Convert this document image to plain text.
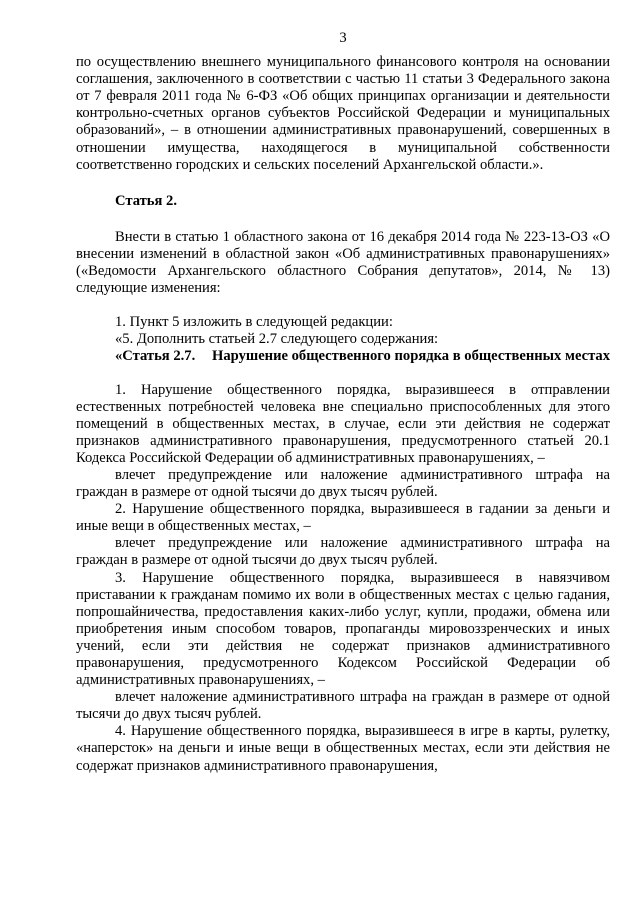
3

по осуществлению внешнего муниципального финансового контроля на основании соглашения, заключенного в соответствии с частью 11 статьи 3 Федерального закона от 7 февраля 2011 года № 6-ФЗ «Об общих принципах организации и деятельности контрольно-счетных органов субъектов Российской Федерации и муниципальных образований», – в отношении административных правонарушений, совершенных в отношении имущества, находящегося в муниципальной собственности соответственно городских и сельских поселений Архангельской области.».

Статья 2.

Внести в статью 1 областного закона от 16 декабря 2014 года № 223-13-ОЗ «О внесении изменений в областной закон «Об административных правонарушениях» («Ведомости Архангельского областного Собрания депутатов», 2014, № 13) следующие изменения:

1. Пункт 5 изложить в следующей редакции:

«5. Дополнить статьей 2.7 следующего содержания:

«Статья 2.7.	Нарушение общественного порядка в общественных местах

1. Нарушение общественного порядка, выразившееся в отправлении естественных потребностей человека вне специально приспособленных для этого помещений в общественных местах, в случае, если эти действия не содержат признаков административного правонарушения, предусмотренного статьей 20.1 Кодекса Российской Федерации об административных правонарушениях, –

влечет предупреждение или наложение административного штрафа на граждан в размере от одной тысячи до двух тысяч рублей.

2. Нарушение общественного порядка, выразившееся в гадании за деньги и иные вещи в общественных местах, –

влечет предупреждение или наложение административного штрафа на граждан в размере от одной тысячи до двух тысяч рублей.

3. Нарушение общественного порядка, выразившееся в навязчивом приставании к гражданам помимо их воли в общественных местах с целью гадания, попрошайничества, предоставления каких-либо услуг, купли, продажи, обмена или приобретения иным способом товаров, пропаганды мировоззренческих и иных учений, если эти действия не содержат признаков административного правонарушения, предусмотренного Кодексом Российской Федерации об административных правонарушениях, –

влечет наложение административного штрафа на граждан в размере от одной тысячи до двух тысяч рублей.

4. Нарушение общественного порядка, выразившееся в игре в карты, рулетку, «наперсток» на деньги и иные вещи в общественных местах, если эти действия не содержат признаков административного правонарушения,
